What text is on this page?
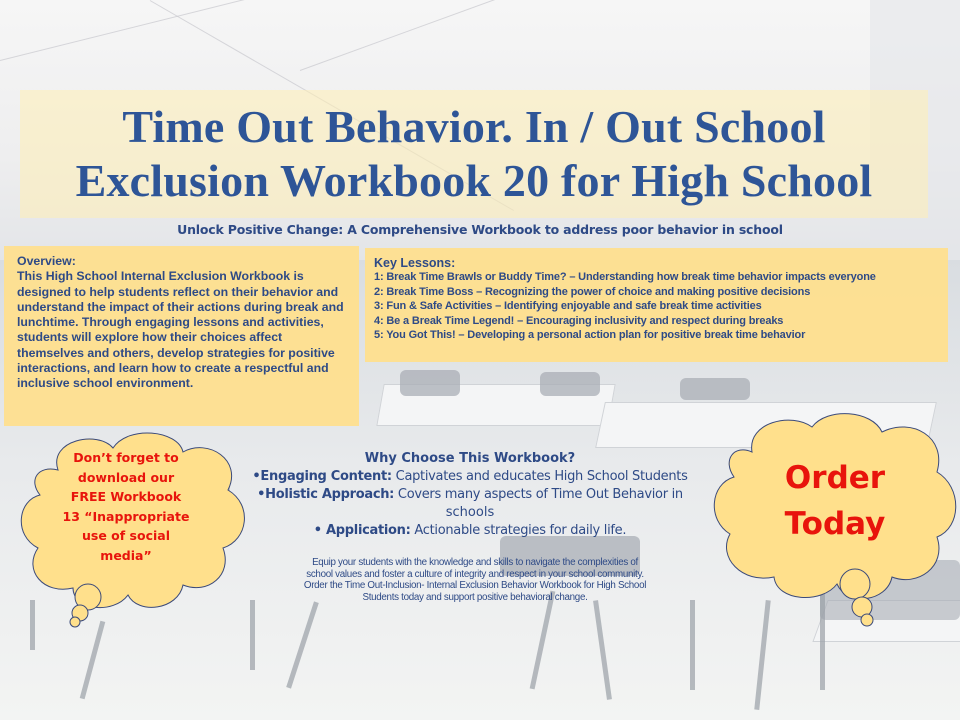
Time Out Behavior. In / Out School
Exclusion Workbook 20 for High School
Unlock Positive Change: A Comprehensive Workbook to address poor behavior in school

Overview:

This High School Internal Exclusion Workbook is designed to help students reflect on their behavior and understand the impact of their actions during break and lunchtime. Through engaging lessons and activities, students will explore how their choices affect themselves and others, develop strategies for positive interactions, and learn how to create a respectful and inclusive school environment.

Key Lessons:
1: Break Time Brawls or Buddy Time? – Understanding how break time behavior impacts everyone
2: Break Time Boss – Recognizing the power of choice and making positive decisions
3: Fun & Safe Activities – Identifying enjoyable and safe break time activities
4: Be a Break Time Legend! – Encouraging inclusivity and respect during breaks
5: You Got This! – Developing a personal action plan for positive break time behavior
Why Choose This Workbook?
•Engaging Content: Captivates and educates High School Students
•Holistic Approach: Covers many aspects of Time Out Behavior in
schools
• Application: Actionable strategies for daily life.
Equip your students with the knowledge and skills to navigate the complexities of
school values and foster a culture of integrity and respect in your school community.
Order the Time Out-Inclusion- Internal Exclusion Behavior Workbook for High School
Students today and support positive behavioral change.
Don’t forget to
download our
FREE Workbook
13 “Inappropriate
use of social
media”
Order
Today
